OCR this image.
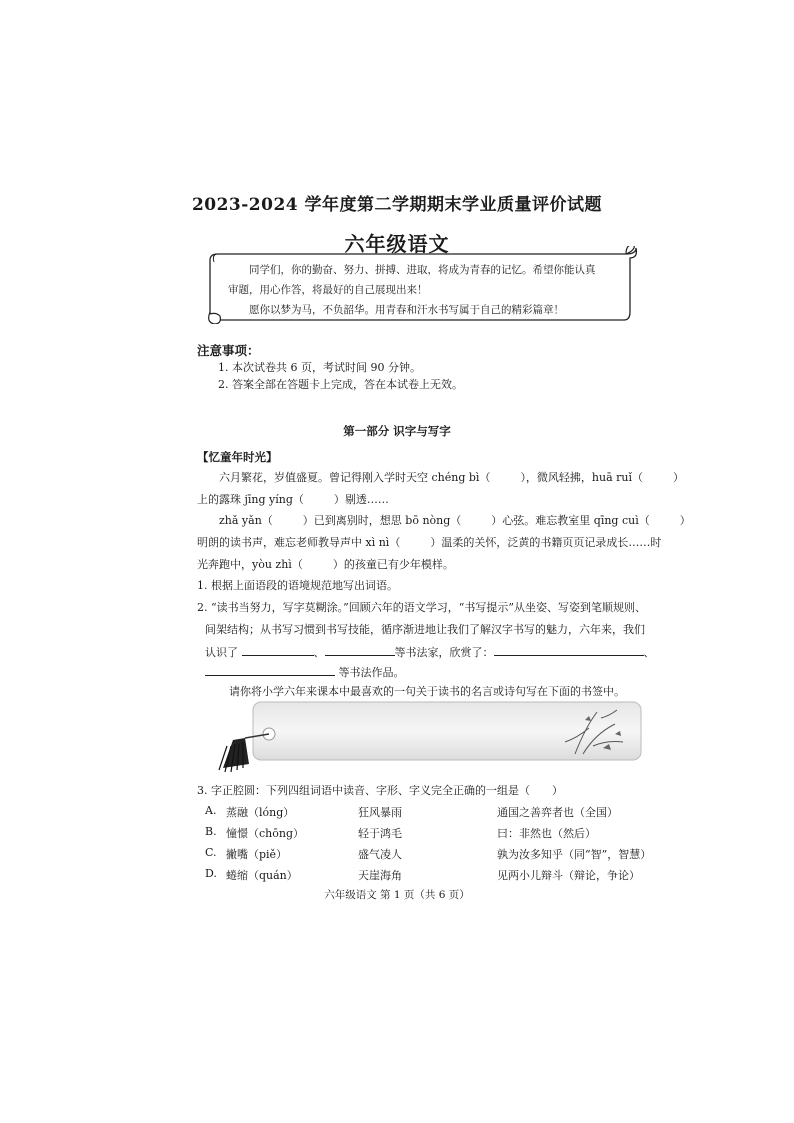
2023-2024 学年度第二学期期末学业质量评价试题
六年级语文

同学们，你的勤奋、努力、拼搏、进取，将成为青春的记忆。希望你能认真

审题，用心作答，将最好的自己展现出来！

愿你以梦为马，不负韶华。用青春和汗水书写属于自己的精彩篇章！

注意事项：
1. 本次试卷共 6 页，考试时间 90 分钟。
2. 答案全部在答题卡上完成，答在本试卷上无效。
第一部分 识字与写字
【忆童年时光】
六月繁花，岁值盛夏。曾记得刚入学时天空 chéng bì（	），微风轻拂，huā ruǐ（	）
上的露珠 jīng yíng（	）剔透……
zhǎ yǎn（	）已到离别时，想思 bō nòng（	）心弦。难忘教室里 qīng cuì（	）
明朗的读书声，难忘老师教导声中 xì nì（	）温柔的关怀，泛黄的书籍页页记录成长……时
光奔跑中，yòu zhì（	）的孩童已有少年模样。
1. 根据上面语段的语境规范地写出词语。
2. “读书当努力，写字莫糊涂。”回顾六年的语文学习，“书写提示”从坐姿、写姿到笔顺规则、
间架结构；从书写习惯到书写技能，循序渐进地让我们了解汉字书写的魅力，六年来，我们
认识了	、	等书法家，欣赏了：	、
等书法作品。
请你将小学六年来课本中最喜欢的一句关于读书的名言或诗句写在下面的书签中。
3. 字正腔圆：下列四组词语中读音、字形、字义完全正确的一组是（　　）
A. 蒸融（lóng）	狂风暴雨	通国之善弈者也（全国）
B. 憧憬（chōng）	轻于鸿毛	曰：非然也（然后）
C. 撇嘴（piě）	盛气凌人	孰为汝多知乎（同“智”，智慧）
D. 蜷缩（quán）	天崖海角	见两小儿辩斗（辩论，争论）
六年级语文 第 1 页（共 6 页）
